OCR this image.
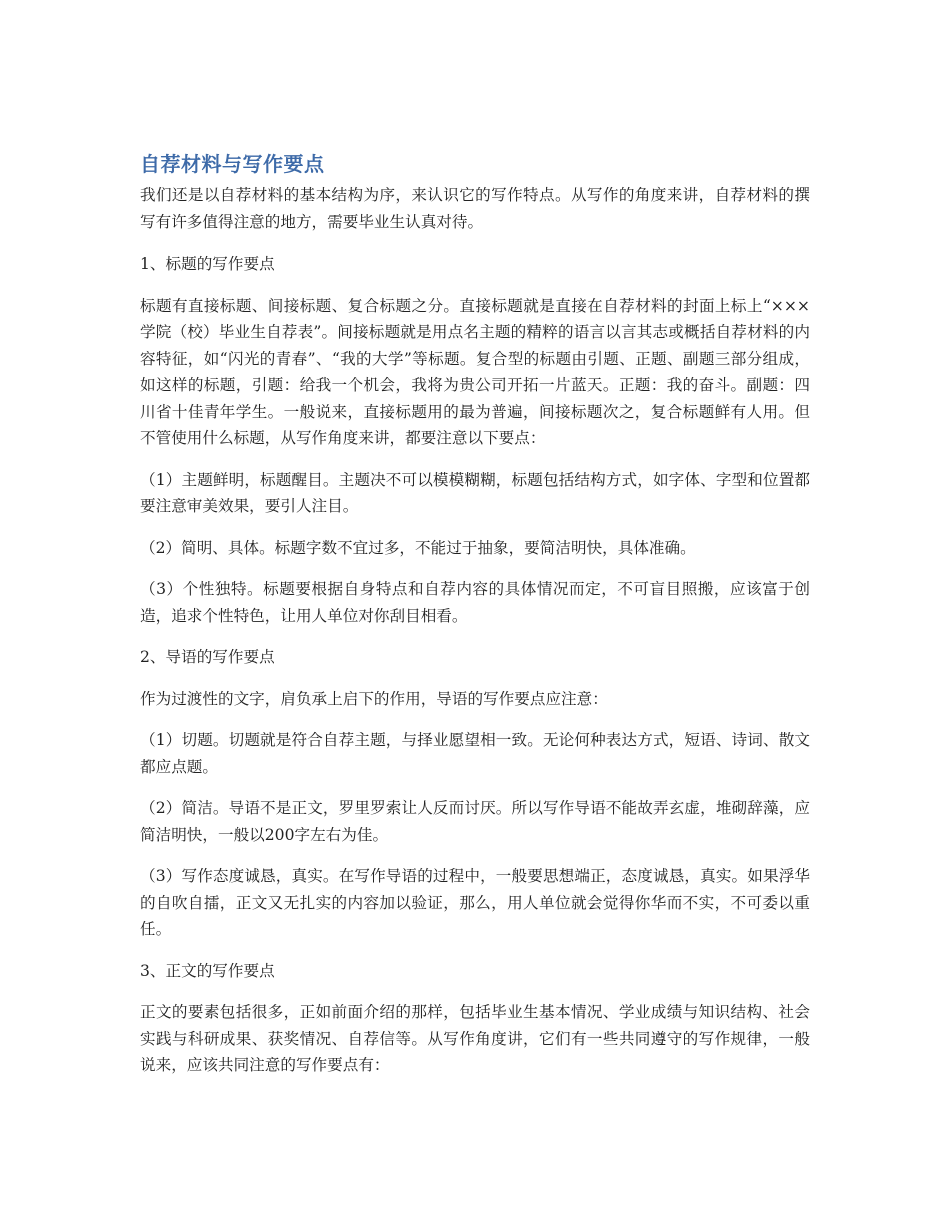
自荐材料与写作要点

我们还是以自荐材料的基本结构为序，来认识它的写作特点。从写作的角度来讲，自荐材料的撰写有许多值得注意的地方，需要毕业生认真对待。

1、标题的写作要点

标题有直接标题、间接标题、复合标题之分。直接标题就是直接在自荐材料的封面上标上“×××学院（校）毕业生自荐表”。间接标题就是用点名主题的精粹的语言以言其志或概括自荐材料的内容特征，如“闪光的青春”、“我的大学”等标题。复合型的标题由引题、正题、副题三部分组成，如这样的标题，引题：给我一个机会，我将为贵公司开拓一片蓝天。正题：我的奋斗。副题：四川省十佳青年学生。一般说来，直接标题用的最为普遍，间接标题次之，复合标题鲜有人用。但不管使用什么标题，从写作角度来讲，都要注意以下要点：

（1）主题鲜明，标题醒目。主题决不可以模模糊糊，标题包括结构方式，如字体、字型和位置都要注意审美效果，要引人注目。

（2）简明、具体。标题字数不宜过多，不能过于抽象，要简洁明快，具体准确。

（3）个性独特。标题要根据自身特点和自荐内容的具体情况而定，不可盲目照搬，应该富于创造，追求个性特色，让用人单位对你刮目相看。

2、导语的写作要点

作为过渡性的文字，肩负承上启下的作用，导语的写作要点应注意：

（1）切题。切题就是符合自荐主题，与择业愿望相一致。无论何种表达方式，短语、诗词、散文都应点题。

（2）简洁。导语不是正文，罗里罗索让人反而讨厌。所以写作导语不能故弄玄虚，堆砌辞藻，应简洁明快，一般以200字左右为佳。

（3）写作态度诚恳，真实。在写作导语的过程中，一般要思想端正，态度诚恳，真实。如果浮华的自吹自擂，正文又无扎实的内容加以验证，那么，用人单位就会觉得你华而不实，不可委以重任。

3、正文的写作要点

正文的要素包括很多，正如前面介绍的那样，包括毕业生基本情况、学业成绩与知识结构、社会实践与科研成果、获奖情况、自荐信等。从写作角度讲，它们有一些共同遵守的写作规律，一般说来，应该共同注意的写作要点有：
